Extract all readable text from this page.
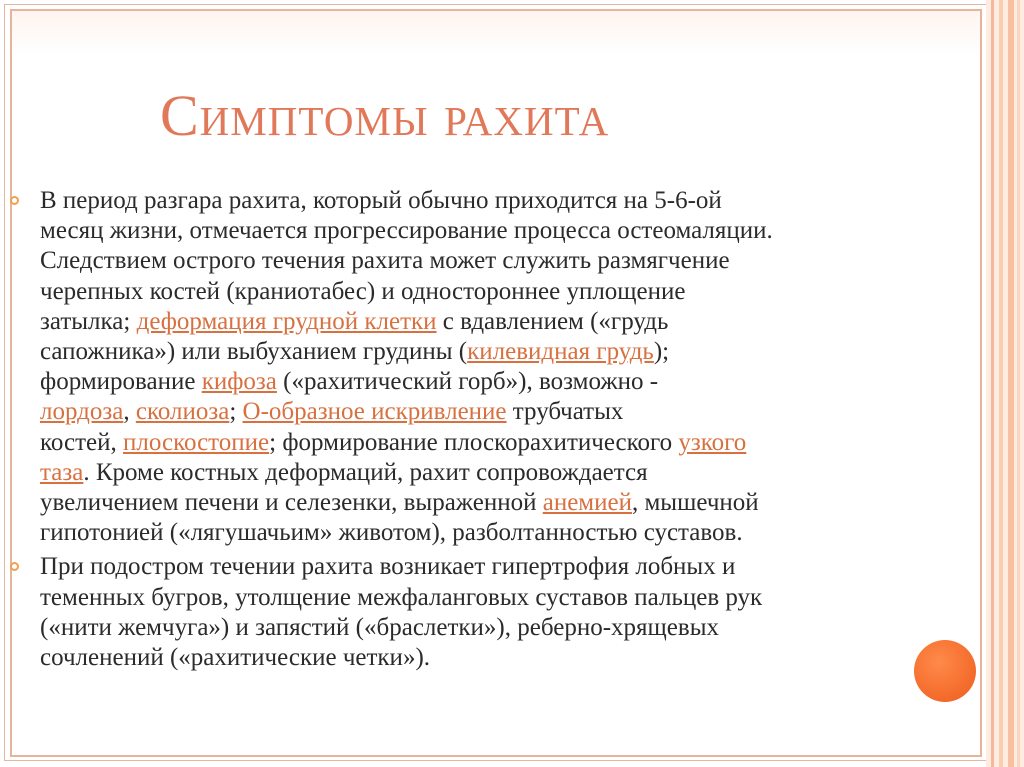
Симптомы рахита
В период разгара рахита, который обычно приходится на 5-6-ой
месяц жизни, отмечается прогрессирование процесса остеомаляции.
Следствием острого течения рахита может служить размягчение
черепных костей (краниотабес) и одностороннее уплощение
затылка; деформация грудной клетки с вдавлением («грудь
сапожника») или выбуханием грудины (килевидная грудь);
формирование кифоза («рахитический горб»), возможно -
лордоза, сколиоза; О-образное искривление трубчатых
костей, плоскостопие; формирование плоскорахитического узкого
таза. Кроме костных деформаций, рахит сопровождается
увеличением печени и селезенки, выраженной анемией, мышечной
гипотонией («лягушачьим» животом), разболтанностью суставов.
При подостром течении рахита возникает гипертрофия лобных и
теменных бугров, утолщение межфаланговых суставов пальцев рук
(«нити жемчуга») и запястий («браслетки»), реберно-хрящевых
сочленений («рахитические четки»).
